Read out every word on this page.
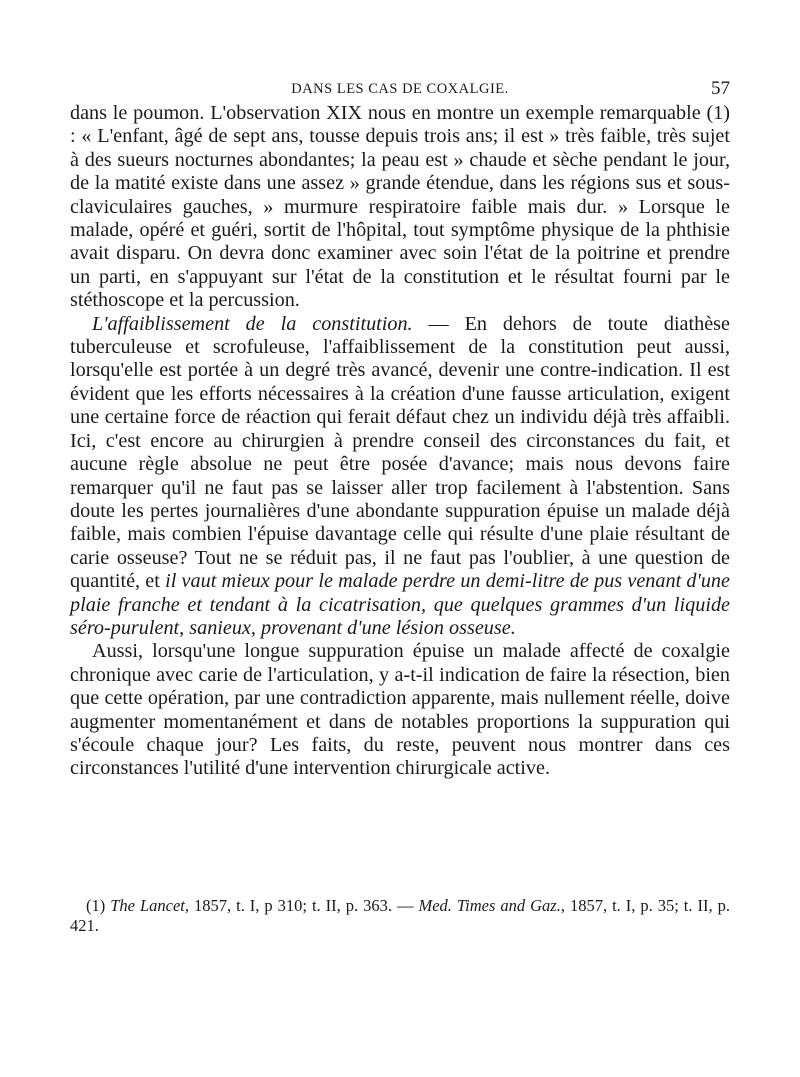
DANS LES CAS DE COXALGIE.	57

dans le poumon. L'observation XIX nous en montre un exemple remarquable (1) : « L'enfant, âgé de sept ans, tousse depuis trois ans; il est » très faible, très sujet à des sueurs nocturnes abondantes; la peau est » chaude et sèche pendant le jour, de la matité existe dans une assez » grande étendue, dans les régions sus et sous-claviculaires gauches, » murmure respiratoire faible mais dur. » Lorsque le malade, opéré et guéri, sortit de l'hôpital, tout symptôme physique de la phthisie avait disparu. On devra donc examiner avec soin l'état de la poitrine et prendre un parti, en s'appuyant sur l'état de la constitution et le résultat fourni par le stéthoscope et la percussion.

L'affaiblissement de la constitution. — En dehors de toute diathèse tuberculeuse et scrofuleuse, l'affaiblissement de la constitution peut aussi, lorsqu'elle est portée à un degré très avancé, devenir une contre-indication. Il est évident que les efforts nécessaires à la création d'une fausse articulation, exigent une certaine force de réaction qui ferait défaut chez un individu déjà très affaibli. Ici, c'est encore au chirurgien à prendre conseil des circonstances du fait, et aucune règle absolue ne peut être posée d'avance; mais nous devons faire remarquer qu'il ne faut pas se laisser aller trop facilement à l'abstention. Sans doute les pertes journalières d'une abondante suppuration épuise un malade déjà faible, mais combien l'épuise davantage celle qui résulte d'une plaie résultant de carie osseuse? Tout ne se réduit pas, il ne faut pas l'oublier, à une question de quantité, et il vaut mieux pour le malade perdre un demi-litre de pus venant d'une plaie franche et tendant à la cicatrisation, que quelques grammes d'un liquide séro-purulent, sanieux, provenant d'une lésion osseuse.

Aussi, lorsqu'une longue suppuration épuise un malade affecté de coxalgie chronique avec carie de l'articulation, y a-t-il indication de faire la résection, bien que cette opération, par une contradiction apparente, mais nullement réelle, doive augmenter momentanément et dans de notables proportions la suppuration qui s'écoule chaque jour? Les faits, du reste, peuvent nous montrer dans ces circonstances l'utilité d'une intervention chirurgicale active.

(1) The Lancet, 1857, t. I, p 310; t. II, p. 363. — Med. Times and Gaz., 1857, t. I, p. 35; t. II, p. 421.
